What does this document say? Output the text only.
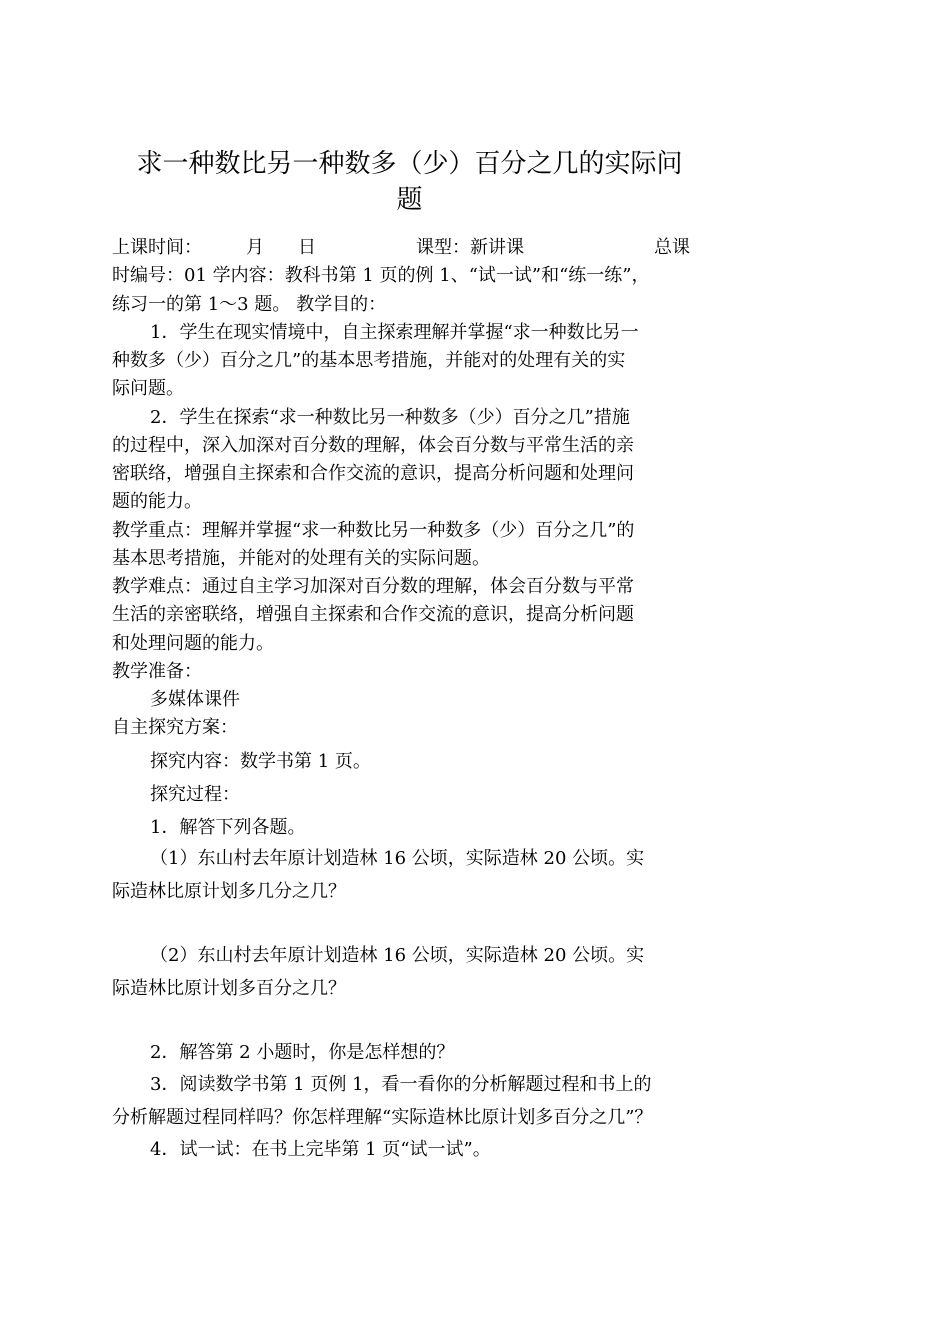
求一种数比另一种数多（少）百分之几的实际问
题
上课时间： 月 日	课型：新讲课	总课
时编号：01 学内容：教科书第 1 页的例 1、“试一试”和“练一练”，
练习一的第 1～3 题。 教学目的：
1．学生在现实情境中，自主探索理解并掌握“求一种数比另一
种数多（少）百分之几”的基本思考措施，并能对的处理有关的实
际问题。
2．学生在探索“求一种数比另一种数多（少）百分之几”措施
的过程中，深入加深对百分数的理解，体会百分数与平常生活的亲
密联络，增强自主探索和合作交流的意识，提高分析问题和处理问
题的能力。
教学重点：理解并掌握“求一种数比另一种数多（少）百分之几”的
基本思考措施，并能对的处理有关的实际问题。
教学难点：通过自主学习加深对百分数的理解，体会百分数与平常
生活的亲密联络，增强自主探索和合作交流的意识，提高分析问题
和处理问题的能力。
教学准备：
多媒体课件
自主探究方案：
探究内容：数学书第 1 页。
探究过程：
1．解答下列各题。
（1）东山村去年原计划造林 16 公顷，实际造林 20 公顷。实
际造林比原计划多几分之几？
（2）东山村去年原计划造林 16 公顷，实际造林 20 公顷。实
际造林比原计划多百分之几？
2．解答第 2 小题时，你是怎样想的？
3．阅读数学书第 1 页例 1，看一看你的分析解题过程和书上的
分析解题过程同样吗？你怎样理解“实际造林比原计划多百分之几”？
4．试一试：在书上完毕第 1 页“试一试”。
